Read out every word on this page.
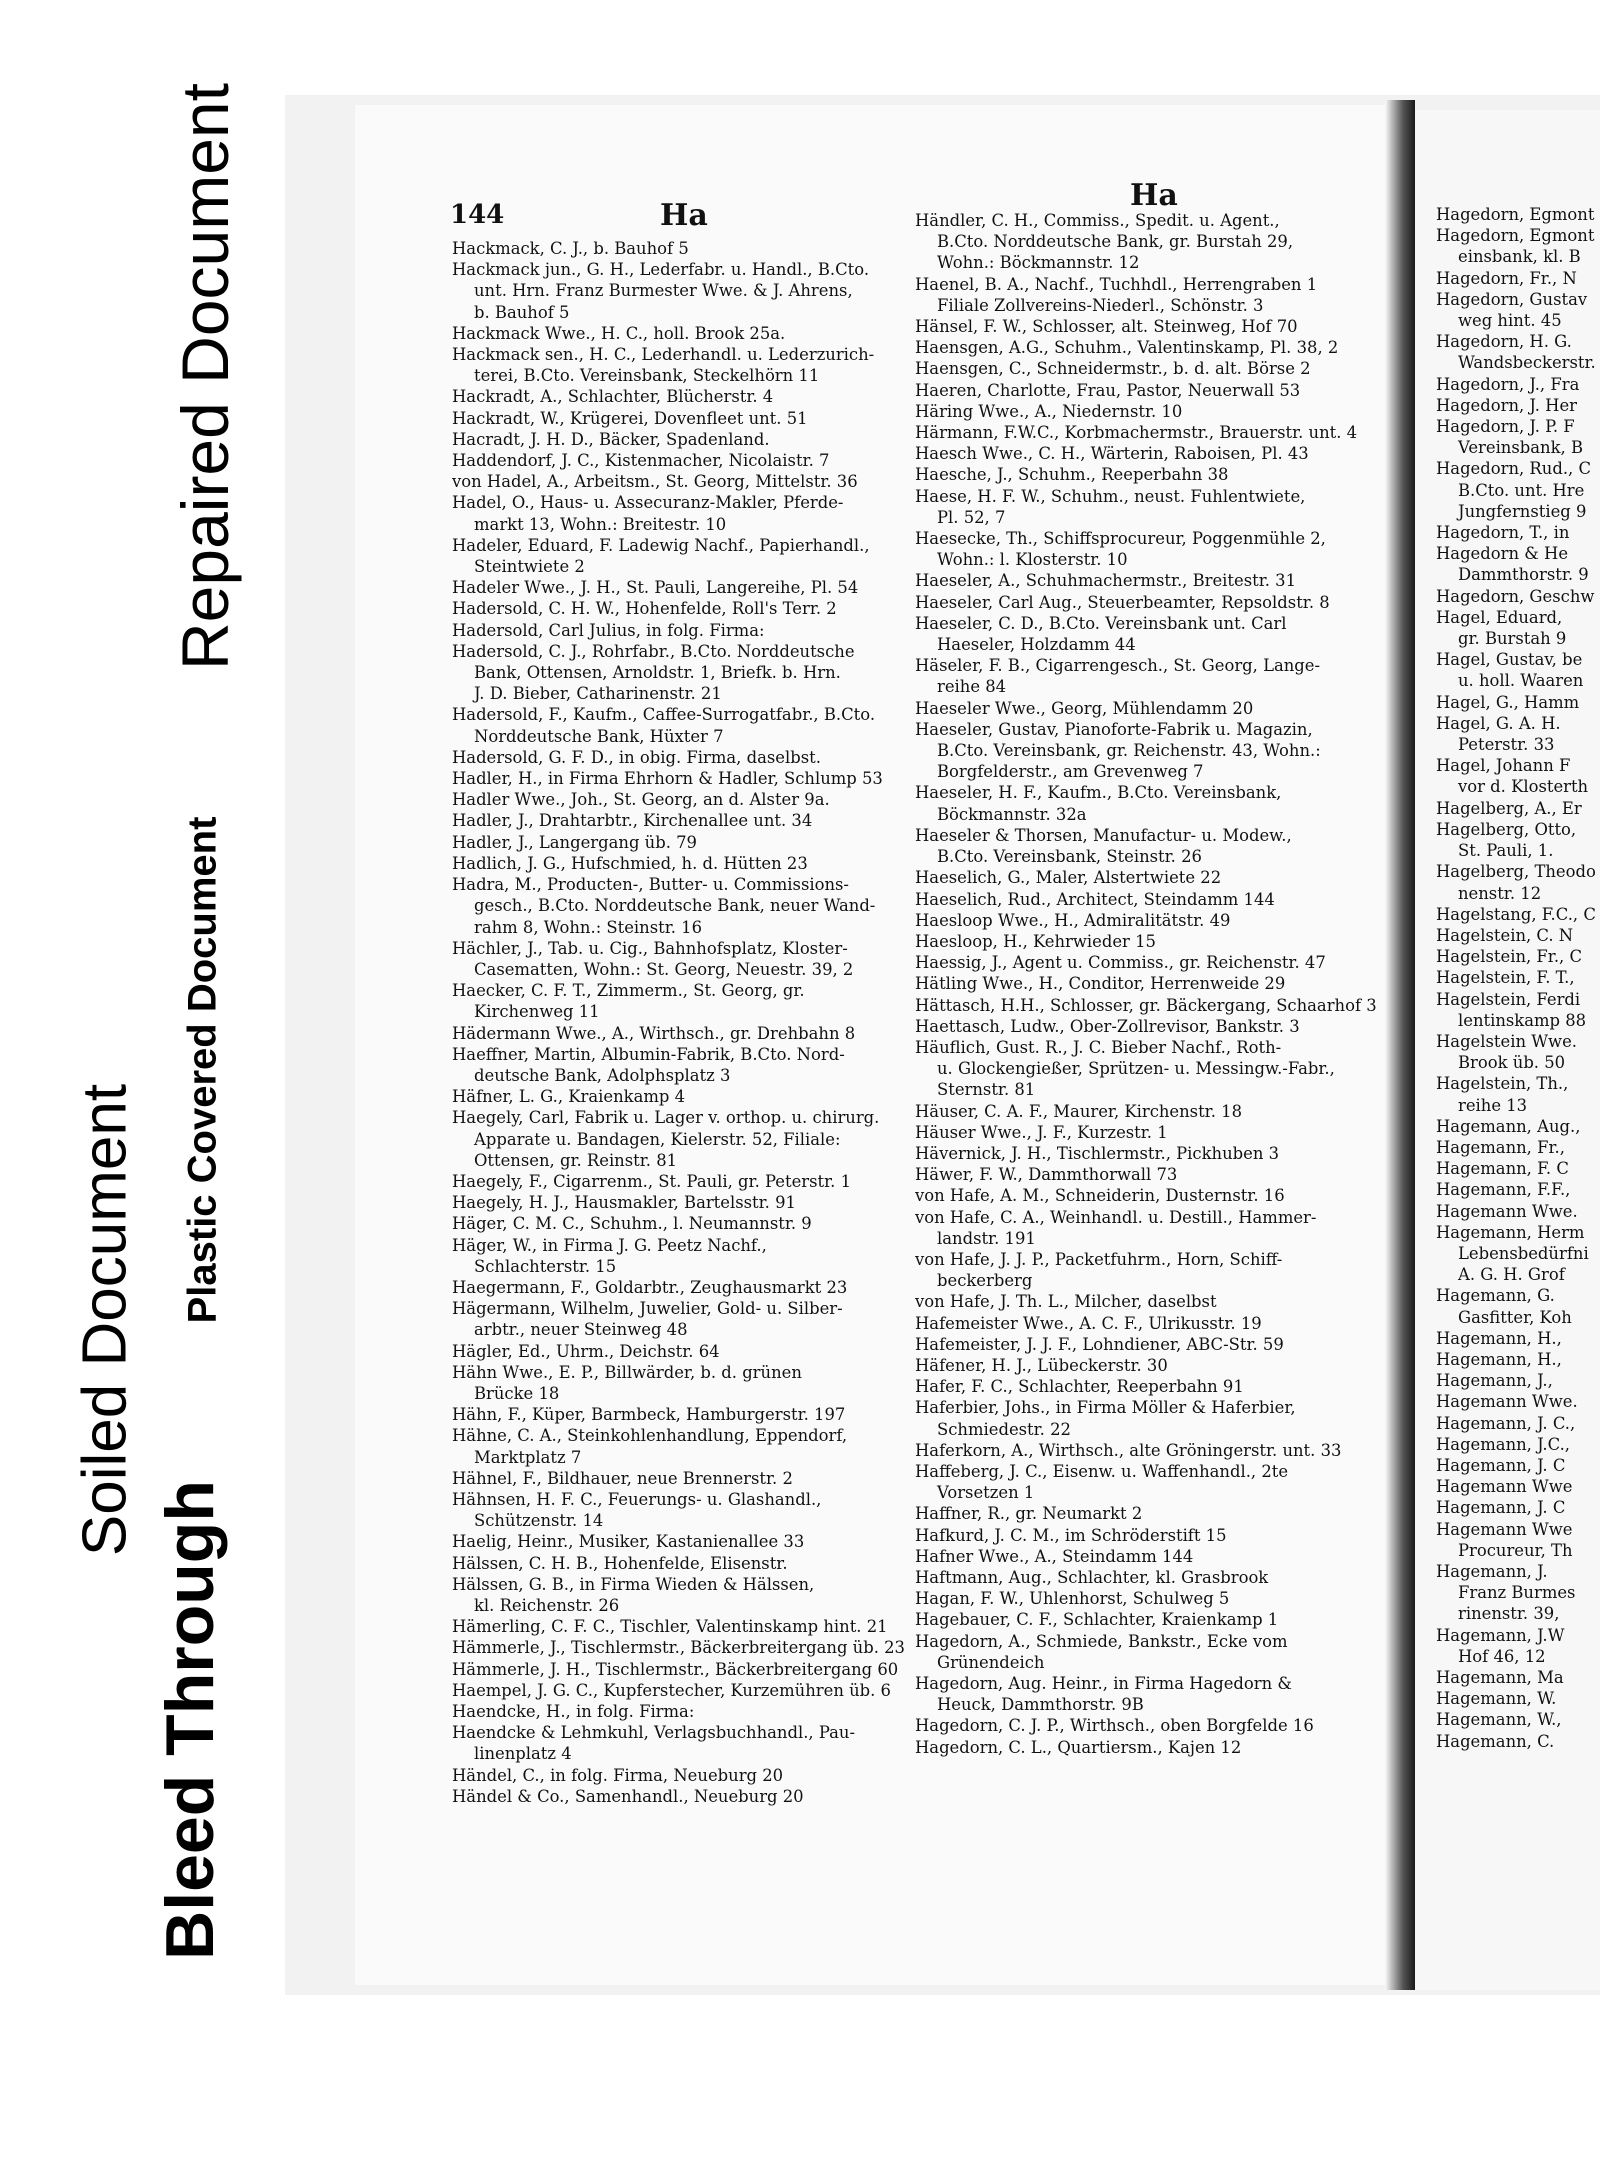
Soiled Document Plastic Covered Document
Repaired Document
Bleed Through
144	Ha
Ha

Hackmack, C. J., b. Bauhof 5

Hackmack jun., G. H., Lederfabr. u. Handl., B.Cto.

unt. Hrn. Franz Burmester Wwe. & J. Ahrens,

b. Bauhof 5

Hackmack Wwe., H. C., holl. Brook 25a.

Hackmack sen., H. C., Lederhandl. u. Lederzurich-

terei, B.Cto. Vereinsbank, Steckelhörn 11

Hackradt, A., Schlachter, Blücherstr. 4

Hackradt, W., Krügerei, Dovenfleet unt. 51

Hacradt, J. H. D., Bäcker, Spadenland.

Haddendorf, J. C., Kistenmacher, Nicolaistr. 7

von Hadel, A., Arbeitsm., St. Georg, Mittelstr. 36

Hadel, O., Haus- u. Assecuranz-Makler, Pferde-

markt 13, Wohn.: Breitestr. 10

Hadeler, Eduard, F. Ladewig Nachf., Papierhandl.,

Steintwiete 2

Hadeler Wwe., J. H., St. Pauli, Langereihe, Pl. 54

Hadersold, C. H. W., Hohenfelde, Roll's Terr. 2

Hadersold, Carl Julius, in folg. Firma:

Hadersold, C. J., Rohrfabr., B.Cto. Norddeutsche

Bank, Ottensen, Arnoldstr. 1, Briefk. b. Hrn.

J. D. Bieber, Catharinenstr. 21

Hadersold, F., Kaufm., Caffee-Surrogatfabr., B.Cto.

Norddeutsche Bank, Hüxter 7

Hadersold, G. F. D., in obig. Firma, daselbst.

Hadler, H., in Firma Ehrhorn & Hadler, Schlump 53

Hadler Wwe., Joh., St. Georg, an d. Alster 9a.

Hadler, J., Drahtarbtr., Kirchenallee unt. 34

Hadler, J., Langergang üb. 79

Hadlich, J. G., Hufschmied, h. d. Hütten 23

Hadra, M., Producten-, Butter- u. Commissions-

gesch., B.Cto. Norddeutsche Bank, neuer Wand-

rahm 8, Wohn.: Steinstr. 16

Hächler, J., Tab. u. Cig., Bahnhofsplatz, Kloster-

Casematten, Wohn.: St. Georg, Neuestr. 39, 2

Haecker, C. F. T., Zimmerm., St. Georg, gr.

Kirchenweg 11

Hädermann Wwe., A., Wirthsch., gr. Drehbahn 8

Haeffner, Martin, Albumin-Fabrik, B.Cto. Nord-

deutsche Bank, Adolphsplatz 3

Häfner, L. G., Kraienkamp 4

Haegely, Carl, Fabrik u. Lager v. orthop. u. chirurg.

Apparate u. Bandagen, Kielerstr. 52, Filiale:

Ottensen, gr. Reinstr. 81

Haegely, F., Cigarrenm., St. Pauli, gr. Peterstr. 1

Haegely, H. J., Hausmakler, Bartelsstr. 91

Häger, C. M. C., Schuhm., l. Neumannstr. 9

Häger, W., in Firma J. G. Peetz Nachf.,

Schlachterstr. 15

Haegermann, F., Goldarbtr., Zeughausmarkt 23

Hägermann, Wilhelm, Juwelier, Gold- u. Silber-

arbtr., neuer Steinweg 48

Hägler, Ed., Uhrm., Deichstr. 64

Hähn Wwe., E. P., Billwärder, b. d. grünen

Brücke 18

Hähn, F., Küper, Barmbeck, Hamburgerstr. 197

Hähne, C. A., Steinkohlenhandlung, Eppendorf,

Marktplatz 7

Hähnel, F., Bildhauer, neue Brennerstr. 2

Hähnsen, H. F. C., Feuerungs- u. Glashandl.,

Schützenstr. 14

Haelig, Heinr., Musiker, Kastanienallee 33

Hälssen, C. H. B., Hohenfelde, Elisenstr.

Hälssen, G. B., in Firma Wieden & Hälssen,

kl. Reichenstr. 26

Hämerling, C. F. C., Tischler, Valentinskamp hint. 21

Hämmerle, J., Tischlermstr., Bäckerbreitergang üb. 23

Hämmerle, J. H., Tischlermstr., Bäckerbreitergang 60

Haempel, J. G. C., Kupferstecher, Kurzemühren üb. 6

Haendcke, H., in folg. Firma:

Haendcke & Lehmkuhl, Verlagsbuchhandl., Pau-

linenplatz 4

Händel, C., in folg. Firma, Neueburg 20

Händel & Co., Samenhandl., Neueburg 20

Händler, C. H., Commiss., Spedit. u. Agent.,

B.Cto. Norddeutsche Bank, gr. Burstah 29,

Wohn.: Böckmannstr. 12

Haenel, B. A., Nachf., Tuchhdl., Herrengraben 1

Filiale Zollvereins-Niederl., Schönstr. 3

Hänsel, F. W., Schlosser, alt. Steinweg, Hof 70

Haensgen, A.G., Schuhm., Valentinskamp, Pl. 38, 2

Haensgen, C., Schneidermstr., b. d. alt. Börse 2

Haeren, Charlotte, Frau, Pastor, Neuerwall 53

Häring Wwe., A., Niedernstr. 10

Härmann, F.W.C., Korbmachermstr., Brauerstr. unt. 4

Haesch Wwe., C. H., Wärterin, Raboisen, Pl. 43

Haesche, J., Schuhm., Reeperbahn 38

Haese, H. F. W., Schuhm., neust. Fuhlentwiete,

Pl. 52, 7

Haesecke, Th., Schiffsprocureur, Poggenmühle 2,

Wohn.: l. Klosterstr. 10

Haeseler, A., Schuhmachermstr., Breitestr. 31

Haeseler, Carl Aug., Steuerbeamter, Repsoldstr. 8

Haeseler, C. D., B.Cto. Vereinsbank unt. Carl

Haeseler, Holzdamm 44

Häseler, F. B., Cigarrengesch., St. Georg, Lange-

reihe 84

Haeseler Wwe., Georg, Mühlendamm 20

Haeseler, Gustav, Pianoforte-Fabrik u. Magazin,

B.Cto. Vereinsbank, gr. Reichenstr. 43, Wohn.:

Borgfelderstr., am Grevenweg 7

Haeseler, H. F., Kaufm., B.Cto. Vereinsbank,

Böckmannstr. 32a

Haeseler & Thorsen, Manufactur- u. Modew.,

B.Cto. Vereinsbank, Steinstr. 26

Haeselich, G., Maler, Alstertwiete 22

Haeselich, Rud., Architect, Steindamm 144

Haesloop Wwe., H., Admiralitätstr. 49

Haesloop, H., Kehrwieder 15

Haessig, J., Agent u. Commiss., gr. Reichenstr. 47

Hätling Wwe., H., Conditor, Herrenweide 29

Hättasch, H.H., Schlosser, gr. Bäckergang, Schaarhof 3

Haettasch, Ludw., Ober-Zollrevisor, Bankstr. 3

Häuflich, Gust. R., J. C. Bieber Nachf., Roth-

u. Glockengießer, Sprützen- u. Messingw.-Fabr.,

Sternstr. 81

Häuser, C. A. F., Maurer, Kirchenstr. 18

Häuser Wwe., J. F., Kurzestr. 1

Hävernick, J. H., Tischlermstr., Pickhuben 3

Häwer, F. W., Dammthorwall 73

von Hafe, A. M., Schneiderin, Dusternstr. 16

von Hafe, C. A., Weinhandl. u. Destill., Hammer-

landstr. 191

von Hafe, J. J. P., Packetfuhrm., Horn, Schiff-

beckerberg

von Hafe, J. Th. L., Milcher, daselbst

Hafemeister Wwe., A. C. F., Ulrikusstr. 19

Hafemeister, J. J. F., Lohndiener, ABC-Str. 59

Häfener, H. J., Lübeckerstr. 30

Hafer, F. C., Schlachter, Reeperbahn 91

Haferbier, Johs., in Firma Möller & Haferbier,

Schmiedestr. 22

Haferkorn, A., Wirthsch., alte Gröningerstr. unt. 33

Haffeberg, J. C., Eisenw. u. Waffenhandl., 2te

Vorsetzen 1

Haffner, R., gr. Neumarkt 2

Hafkurd, J. C. M., im Schröderstift 15

Hafner Wwe., A., Steindamm 144

Haftmann, Aug., Schlachter, kl. Grasbrook

Hagan, F. W., Uhlenhorst, Schulweg 5

Hagebauer, C. F., Schlachter, Kraienkamp 1

Hagedorn, A., Schmiede, Bankstr., Ecke vom

Grünendeich

Hagedorn, Aug. Heinr., in Firma Hagedorn &

Heuck, Dammthorstr. 9B

Hagedorn, C. J. P., Wirthsch., oben Borgfelde 16

Hagedorn, C. L., Quartiersm., Kajen 12

Hagedorn, Egmont

Hagedorn, Egmont

einsbank, kl. B

Hagedorn, Fr., N

Hagedorn, Gustav

weg hint. 45

Hagedorn, H. G.

Wandsbeckerstr.

Hagedorn, J., Fra

Hagedorn, J. Her

Hagedorn, J. P. F

Vereinsbank, B

Hagedorn, Rud., C

B.Cto. unt. Hre

Jungfernstieg 9

Hagedorn, T., in

Hagedorn & He

Dammthorstr. 9

Hagedorn, Geschw

Hagel, Eduard,

gr. Burstah 9

Hagel, Gustav, be

u. holl. Waaren

Hagel, G., Hamm

Hagel, G. A. H.

Peterstr. 33

Hagel, Johann F

vor d. Klosterth

Hagelberg, A., Er

Hagelberg, Otto,

St. Pauli, 1.

Hagelberg, Theodo

nenstr. 12

Hagelstang, F.C., C

Hagelstein, C. N

Hagelstein, Fr., C

Hagelstein, F. T.,

Hagelstein, Ferdi

lentinskamp 88

Hagelstein Wwe.

Brook üb. 50

Hagelstein, Th.,

reihe 13

Hagemann, Aug.,

Hagemann, Fr.,

Hagemann, F. C

Hagemann, F.F.,

Hagemann Wwe.

Hagemann, Herm

Lebensbedürfni

A. G. H. Grof

Hagemann, G.

Gasfitter, Koh

Hagemann, H.,

Hagemann, H.,

Hagemann, J.,

Hagemann Wwe.

Hagemann, J. C.,

Hagemann, J.C.,

Hagemann, J. C

Hagemann Wwe

Hagemann, J. C

Hagemann Wwe

Procureur, Th

Hagemann, J.

Franz Burmes

rinenstr. 39,

Hagemann, J.W

Hof 46, 12

Hagemann, Ma

Hagemann, W.

Hagemann, W.,

Hagemann, C.
